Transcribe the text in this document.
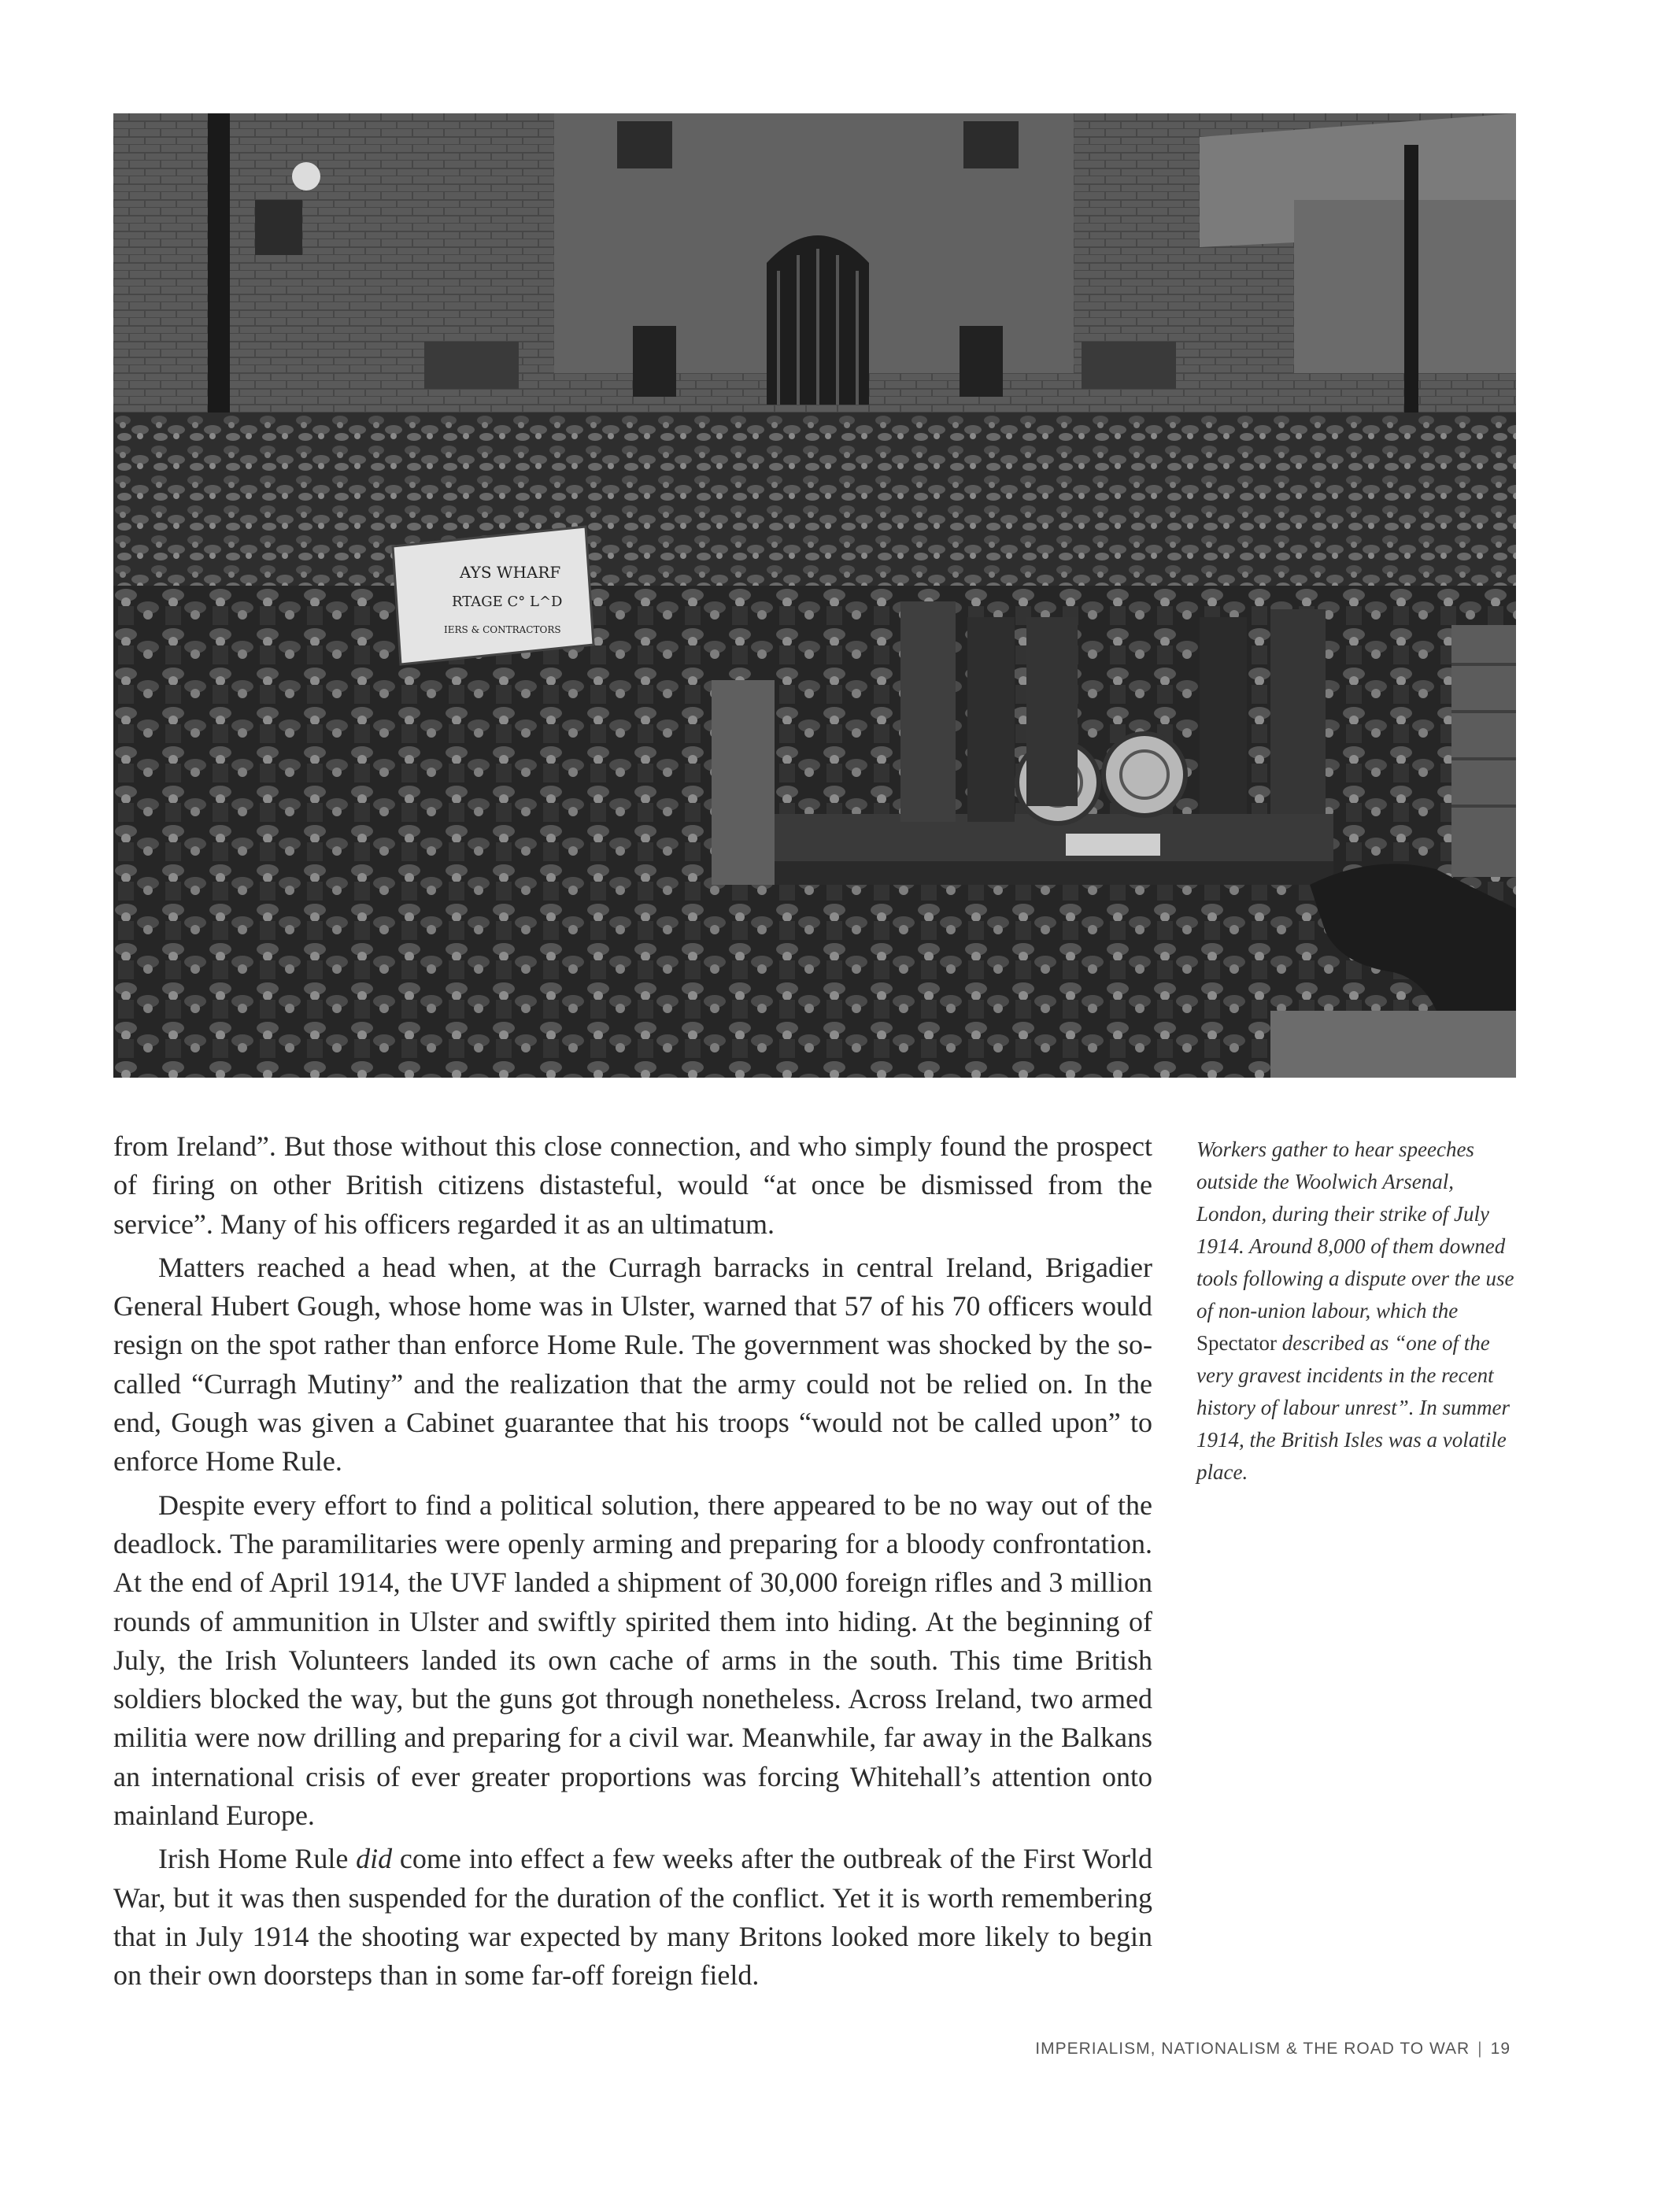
AYS WHARF
RTAGE C° L^D
IERS & CONTRACTORS

from Ireland”. But those without this close connection, and who simply found the prospect of firing on other British citizens distasteful, would “at once be dismissed from the service”. Many of his officers regarded it as an ultimatum.

Matters reached a head when, at the Curragh barracks in central Ireland, Brigadier General Hubert Gough, whose home was in Ulster, warned that 57 of his 70 officers would resign on the spot rather than enforce Home Rule. The government was shocked by the so-called “Curragh Mutiny” and the realization that the army could not be relied on. In the end, Gough was given a Cabinet guarantee that his troops “would not be called upon” to enforce Home Rule.

Despite every effort to find a political solution, there appeared to be no way out of the deadlock. The paramilitaries were openly arming and preparing for a bloody confrontation. At the end of April 1914, the UVF landed a shipment of 30,000 foreign rifles and 3 million rounds of ammunition in Ulster and swiftly spirited them into hiding. At the beginning of July, the Irish Volunteers landed its own cache of arms in the south. This time British soldiers blocked the way, but the guns got through nonetheless. Across Ireland, two armed militia were now drilling and preparing for a civil war. Meanwhile, far away in the Balkans an international crisis of ever greater proportions was forcing Whitehall’s attention onto mainland Europe.

Irish Home Rule did come into effect a few weeks after the outbreak of the First World War, but it was then suspended for the duration of the conflict. Yet it is worth remembering that in July 1914 the shooting war expected by many Britons looked more likely to begin on their own doorsteps than in some far-off foreign field.

Workers gather to hear speeches outside the Woolwich Arsenal, London, during their strike of July 1914. Around 8,000 of them downed tools following a dispute over the use of non-union labour, which the Spectator described as “one of the very gravest incidents in the recent history of labour unrest”. In summer 1914, the British Isles was a volatile place.
IMPERIALISM, NATIONALISM & THE ROAD TO WAR | 19
